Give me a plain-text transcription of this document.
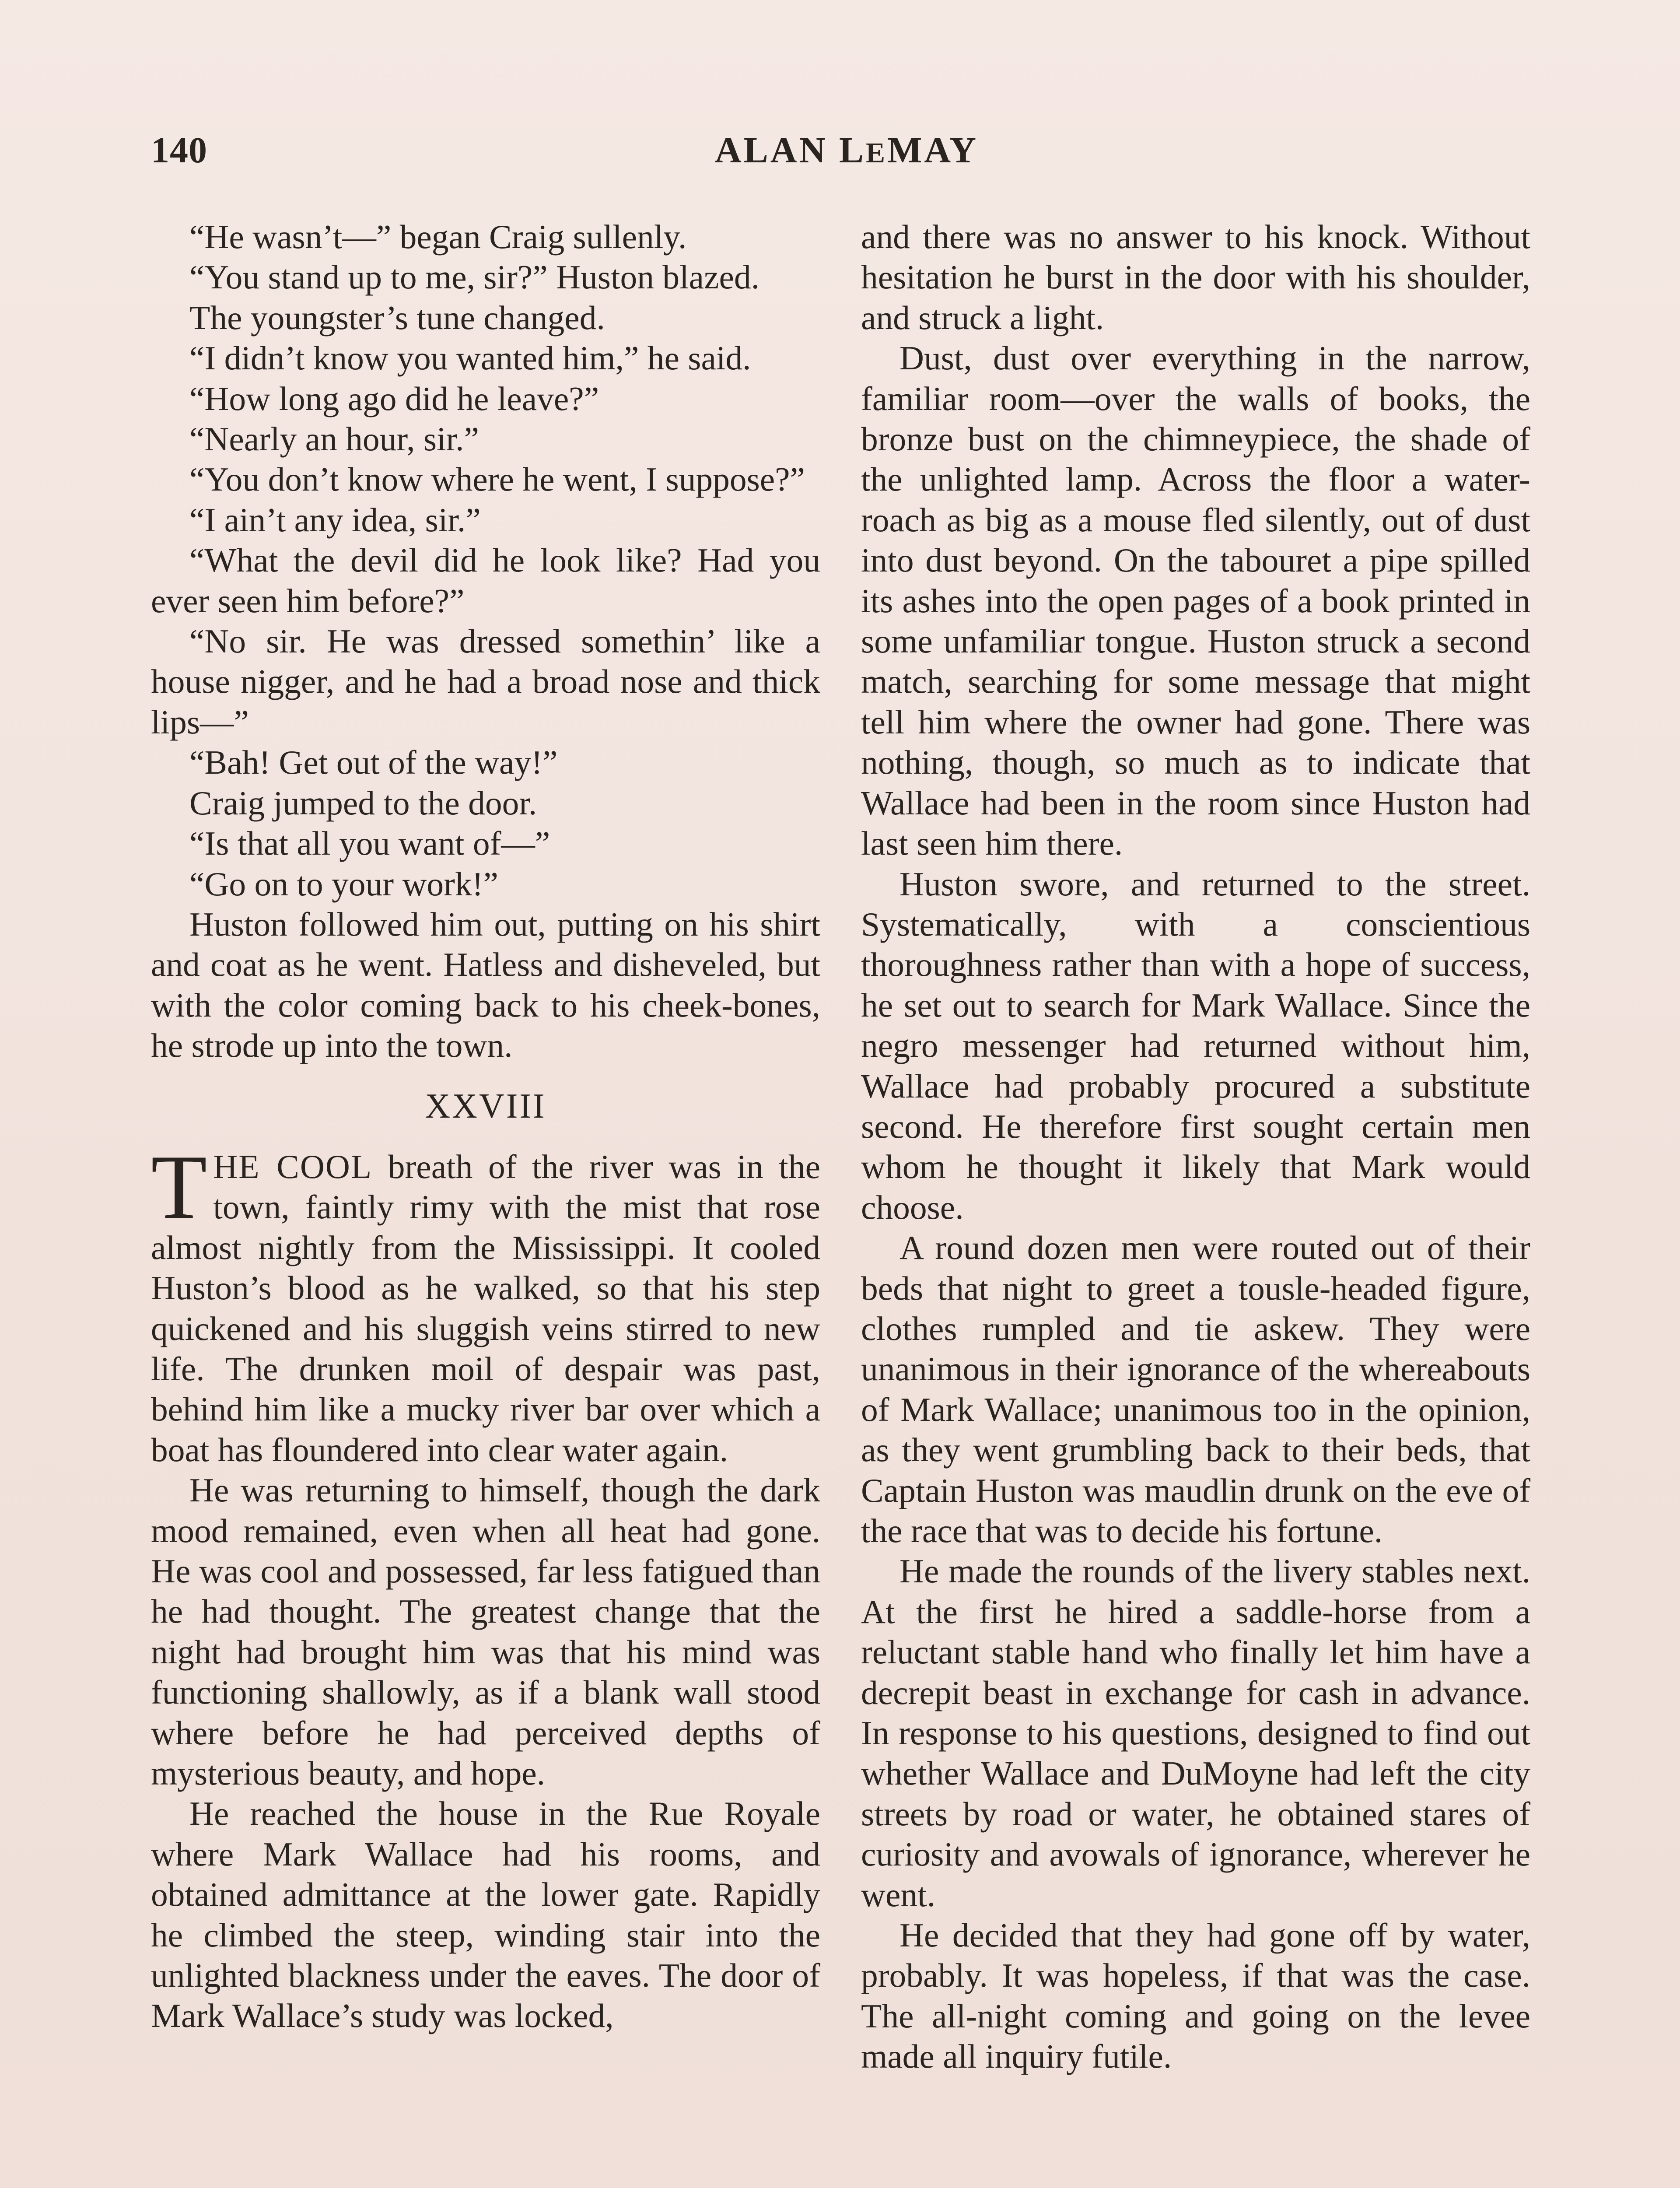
140	ALAN LEMAY

“He wasn’t—” began Craig sullenly.

“You stand up to me, sir?” Huston blazed.

The youngster’s tune changed.

“I didn’t know you wanted him,” he said.

“How long ago did he leave?”

“Nearly an hour, sir.”

“You don’t know where he went, I suppose?”

“I ain’t any idea, sir.”

“What the devil did he look like? Had you ever seen him before?”

“No sir. He was dressed somethin’ like a house nigger, and he had a broad nose and thick lips—”

“Bah! Get out of the way!”

Craig jumped to the door.

“Is that all you want of—”

“Go on to your work!”

Huston followed him out, putting on his shirt and coat as he went. Hatless and disheveled, but with the color coming back to his cheek-bones, he strode up into the town.

XXVIII

THE COOL breath of the river was in the town, faintly rimy with the mist that rose almost nightly from the Mississippi. It cooled Huston’s blood as he walked, so that his step quickened and his sluggish veins stirred to new life. The drunken moil of despair was past, behind him like a mucky river bar over which a boat has floundered into clear water again.

He was returning to himself, though the dark mood remained, even when all heat had gone. He was cool and possessed, far less fatigued than he had thought. The greatest change that the night had brought him was that his mind was functioning shallowly, as if a blank wall stood where before he had perceived depths of mysterious beauty, and hope.

He reached the house in the Rue Royale where Mark Wallace had his rooms, and obtained admittance at the lower gate. Rapidly he climbed the steep, winding stair into the unlighted blackness under the eaves. The door of Mark Wallace’s study was locked,

and there was no answer to his knock. Without hesitation he burst in the door with his shoulder, and struck a light.

Dust, dust over everything in the narrow, familiar room—over the walls of books, the bronze bust on the chimneypiece, the shade of the unlighted lamp. Across the floor a water-roach as big as a mouse fled silently, out of dust into dust beyond. On the tabouret a pipe spilled its ashes into the open pages of a book printed in some unfamiliar tongue. Huston struck a second match, searching for some message that might tell him where the owner had gone. There was nothing, though, so much as to indicate that Wallace had been in the room since Huston had last seen him there.

Huston swore, and returned to the street. Systematically, with a conscientious thoroughness rather than with a hope of success, he set out to search for Mark Wallace. Since the negro messenger had returned without him, Wallace had probably procured a substitute second. He therefore first sought certain men whom he thought it likely that Mark would choose.

A round dozen men were routed out of their beds that night to greet a tousle-headed figure, clothes rumpled and tie askew. They were unanimous in their ignorance of the whereabouts of Mark Wallace; unanimous too in the opinion, as they went grumbling back to their beds, that Captain Huston was maudlin drunk on the eve of the race that was to decide his fortune.

He made the rounds of the livery stables next. At the first he hired a saddle-horse from a reluctant stable hand who finally let him have a decrepit beast in exchange for cash in advance. In response to his questions, designed to find out whether Wallace and DuMoyne had left the city streets by road or water, he obtained stares of curiosity and avowals of ignorance, wherever he went.

He decided that they had gone off by water, probably. It was hopeless, if that was the case. The all-night coming and going on the levee made all inquiry futile.
